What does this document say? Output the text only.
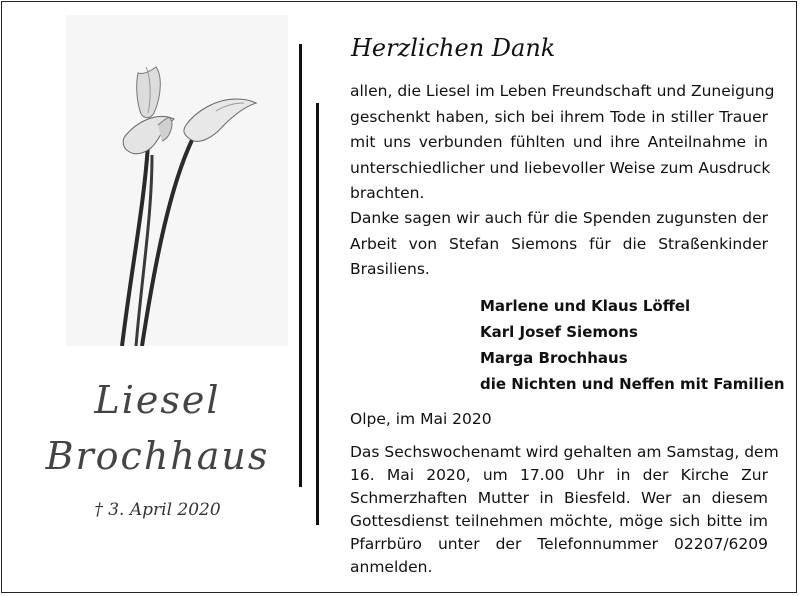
Liesel
Brochhaus
† 3. April 2020
Herzlichen Dank
allen, die Liesel im Leben Freundschaft und Zuneigung
geschenkt haben, sich bei ihrem Tode in stiller Trauer
mit uns verbunden fühlten und ihre Anteilnahme in
unterschiedlicher und liebevoller Weise zum Ausdruck
brachten.
Danke sagen wir auch für die Spenden zugunsten der
Arbeit von Stefan Siemons für die Straßenkinder
Brasiliens.
Marlene und Klaus Löffel
Karl Josef Siemons
Marga Brochhaus
die Nichten und Neffen mit Familien
Olpe, im Mai 2020
Das Sechswochenamt wird gehalten am Samstag, dem
16. Mai 2020, um 17.00 Uhr in der Kirche Zur
Schmerzhaften Mutter in Biesfeld. Wer an diesem
Gottesdienst teilnehmen möchte, möge sich bitte im
Pfarrbüro unter der Telefonnummer 02207/6209
anmelden.
